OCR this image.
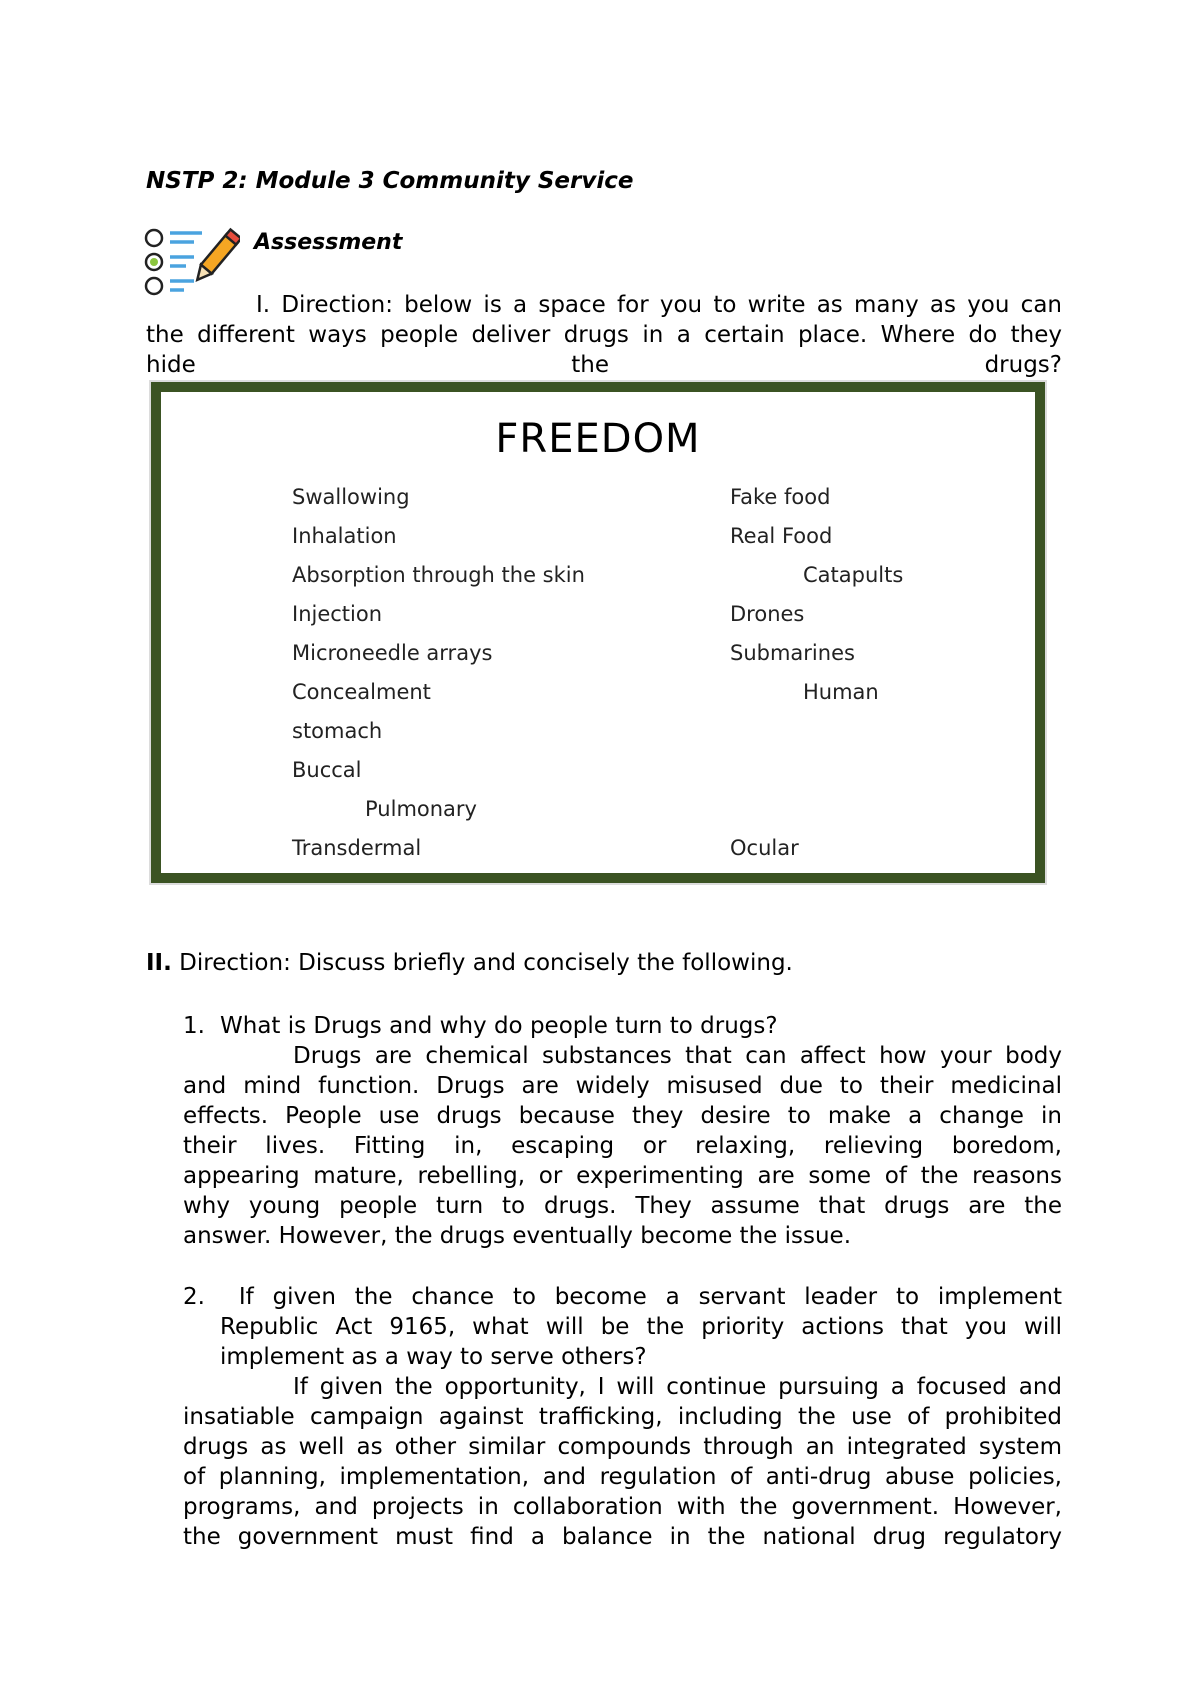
NSTP 2: Module 3 Community Service
Assessment
I. Direction: below is a space for you to write as many as you can
the different ways people deliver drugs in a certain place. Where do they
hide	the	drugs?
FREEDOM
Swallowing
Inhalation
Absorption through the skin
Injection
Microneedle arrays
Concealment
stomach
Buccal
Pulmonary
Transdermal
Fake food
Real Food
Catapults
Drones
Submarines
Human
Ocular
II. Direction: Discuss briefly and concisely the following.
1. What is Drugs and why do people turn to drugs?
Drugs are chemical substances that can affect how your body
and mind function. Drugs are widely misused due to their medicinal
effects. People use drugs because they desire to make a change in
their lives. Fitting in, escaping or relaxing, relieving boredom,
appearing mature, rebelling, or experimenting are some of the reasons
why young people turn to drugs. They assume that drugs are the
answer. However, the drugs eventually become the issue.
2. If given the chance to become a servant leader to implement
Republic Act 9165, what will be the priority actions that you will
implement as a way to serve others?
If given the opportunity, I will continue pursuing a focused and
insatiable campaign against trafficking, including the use of prohibited
drugs as well as other similar compounds through an integrated system
of planning, implementation, and regulation of anti-drug abuse policies,
programs, and projects in collaboration with the government. However,
the government must find a balance in the national drug regulatory
